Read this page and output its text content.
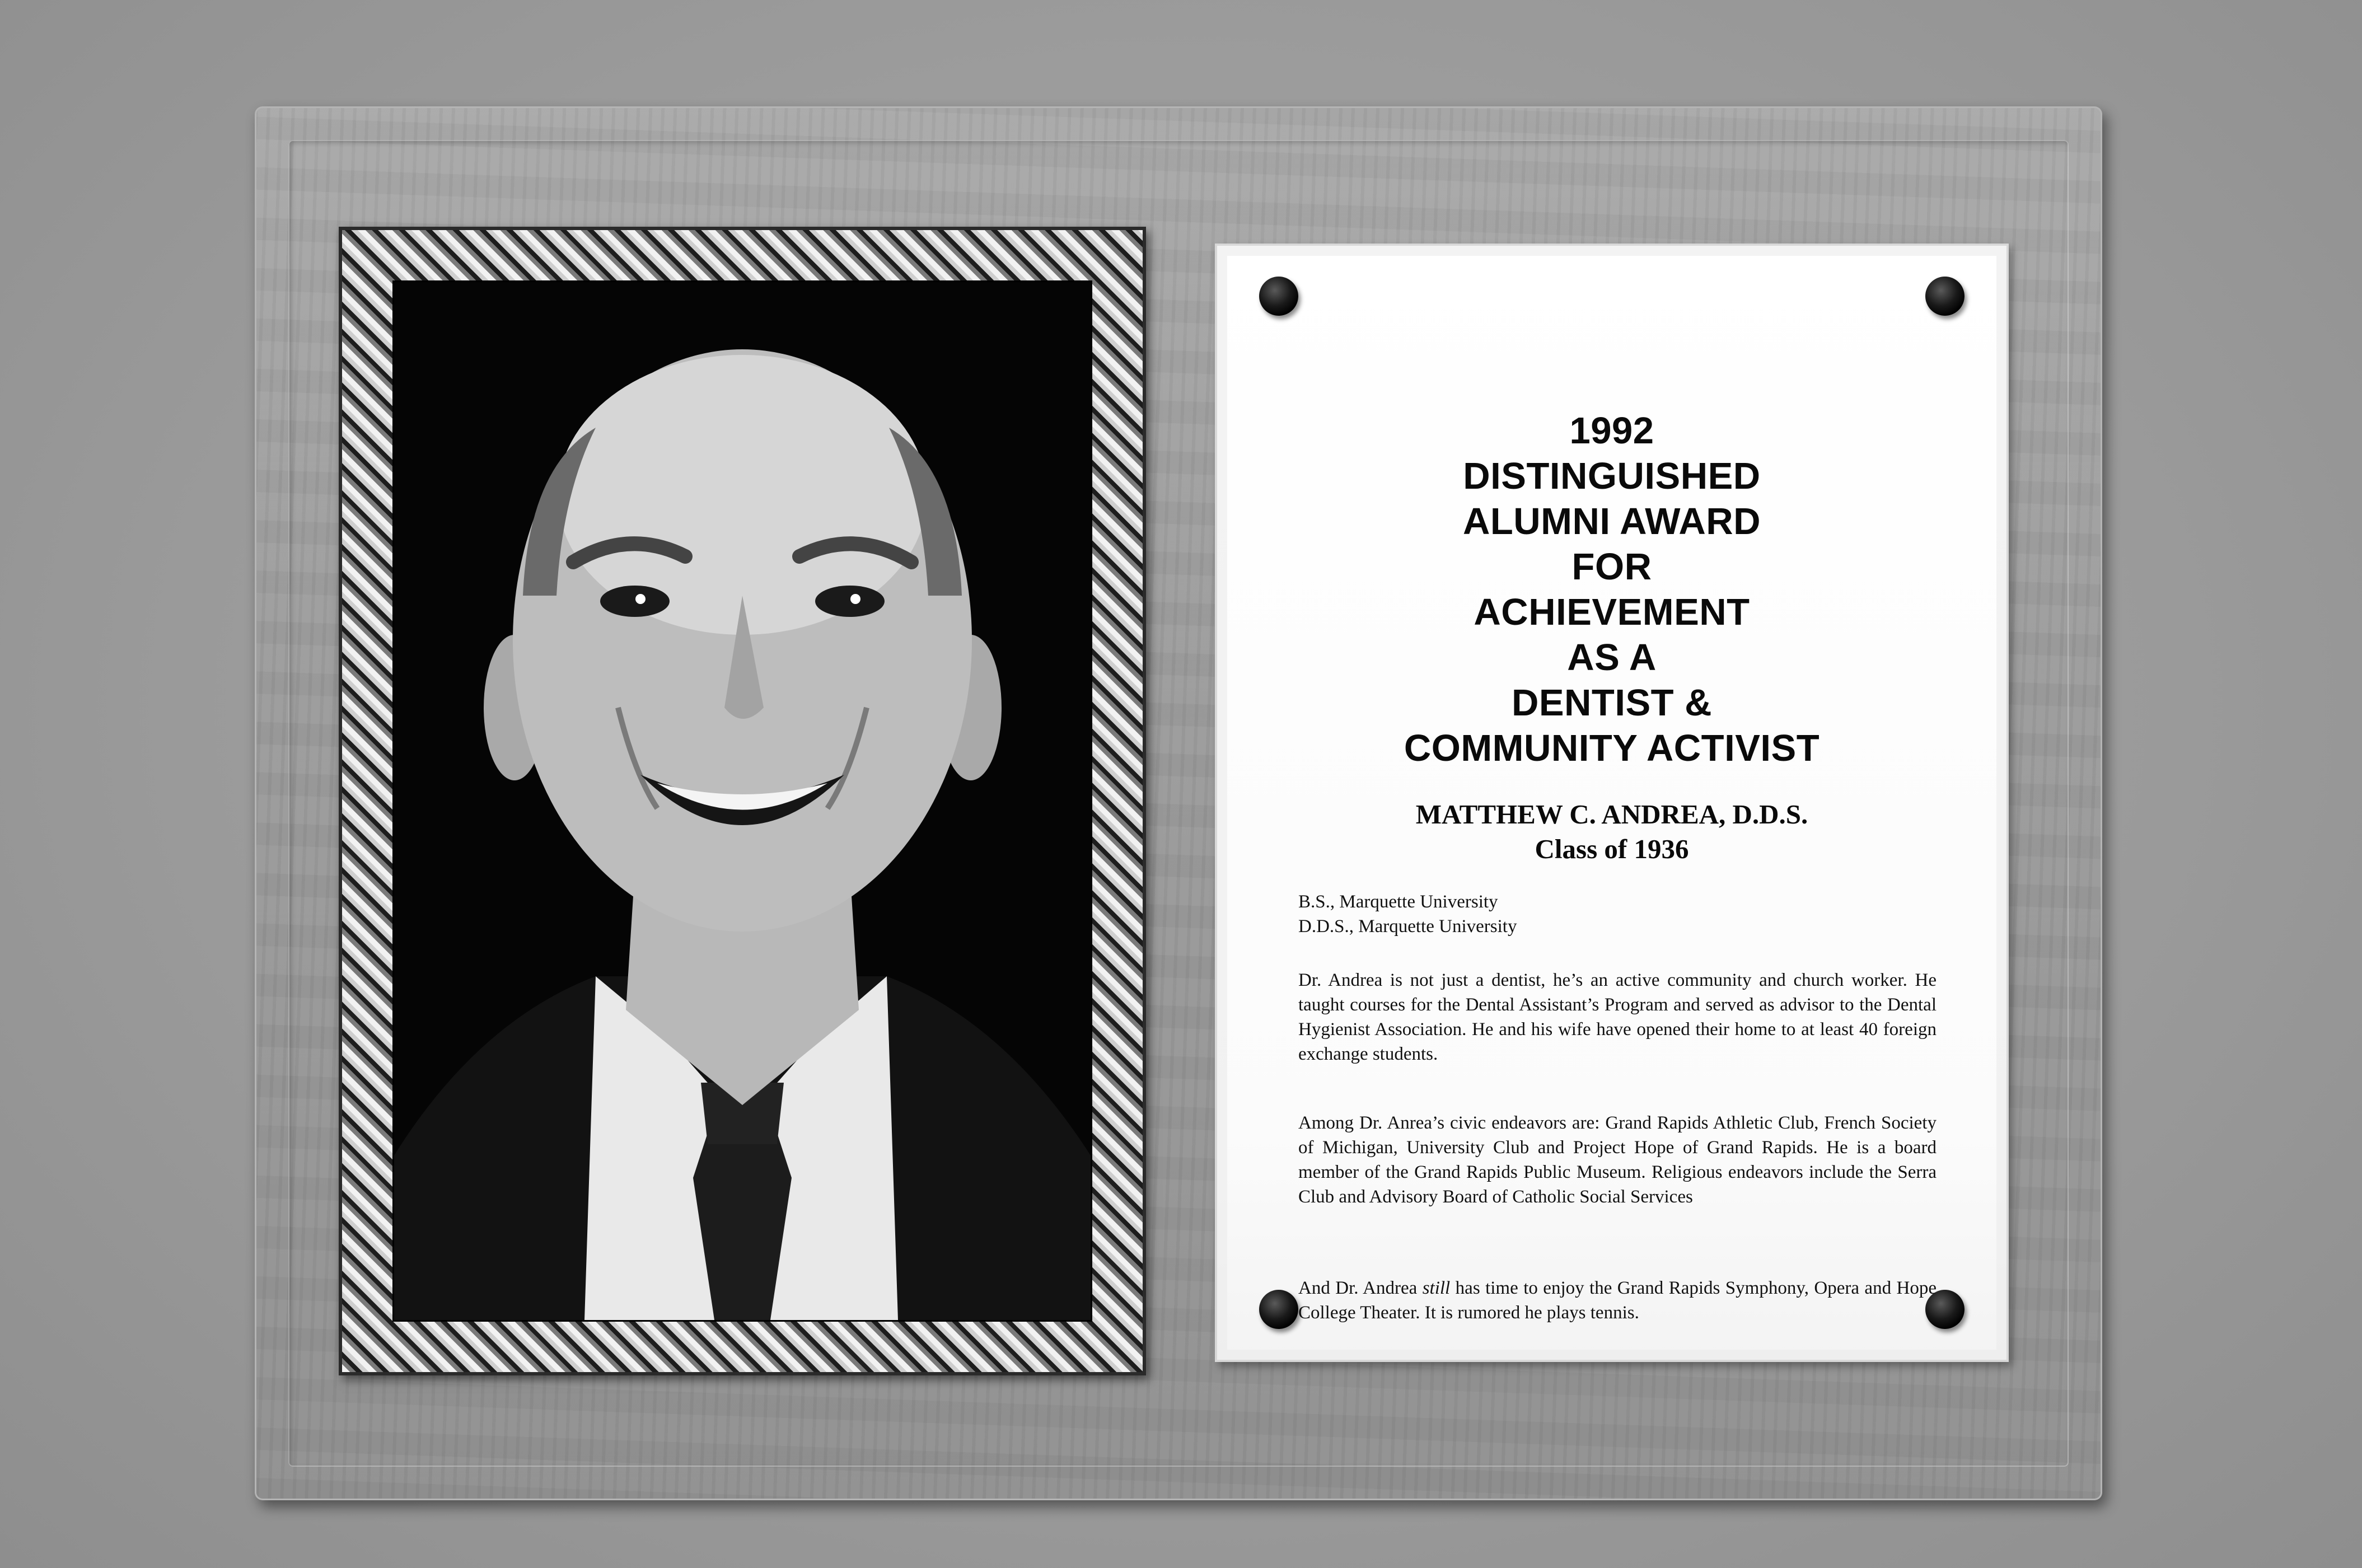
1992
DISTINGUISHED
ALUMNI AWARD
FOR
ACHIEVEMENT
AS A
DENTIST &
COMMUNITY ACTIVIST
MATTHEW C. ANDREA, D.D.S.
Class of 1936
B.S., Marquette University
D.D.S., Marquette University

Dr. Andrea is not just a dentist, he’s an active community and church worker. He taught courses for the Dental Assistant’s Program and served as advisor to the Dental Hygienist Association. He and his wife have opened their home to at least 40 foreign exchange students.

Among Dr. Anrea’s civic endeavors are: Grand Rapids Athletic Club, French Society of Michigan, University Club and Project Hope of Grand Rapids. He is a board member of the Grand Rapids Public Museum. Religious endeavors include the Serra Club and Advisory Board of Catholic Social Services

And Dr. Andrea still has time to enjoy the Grand Rapids Symphony, Opera and Hope College Theater. It is rumored he plays tennis.
